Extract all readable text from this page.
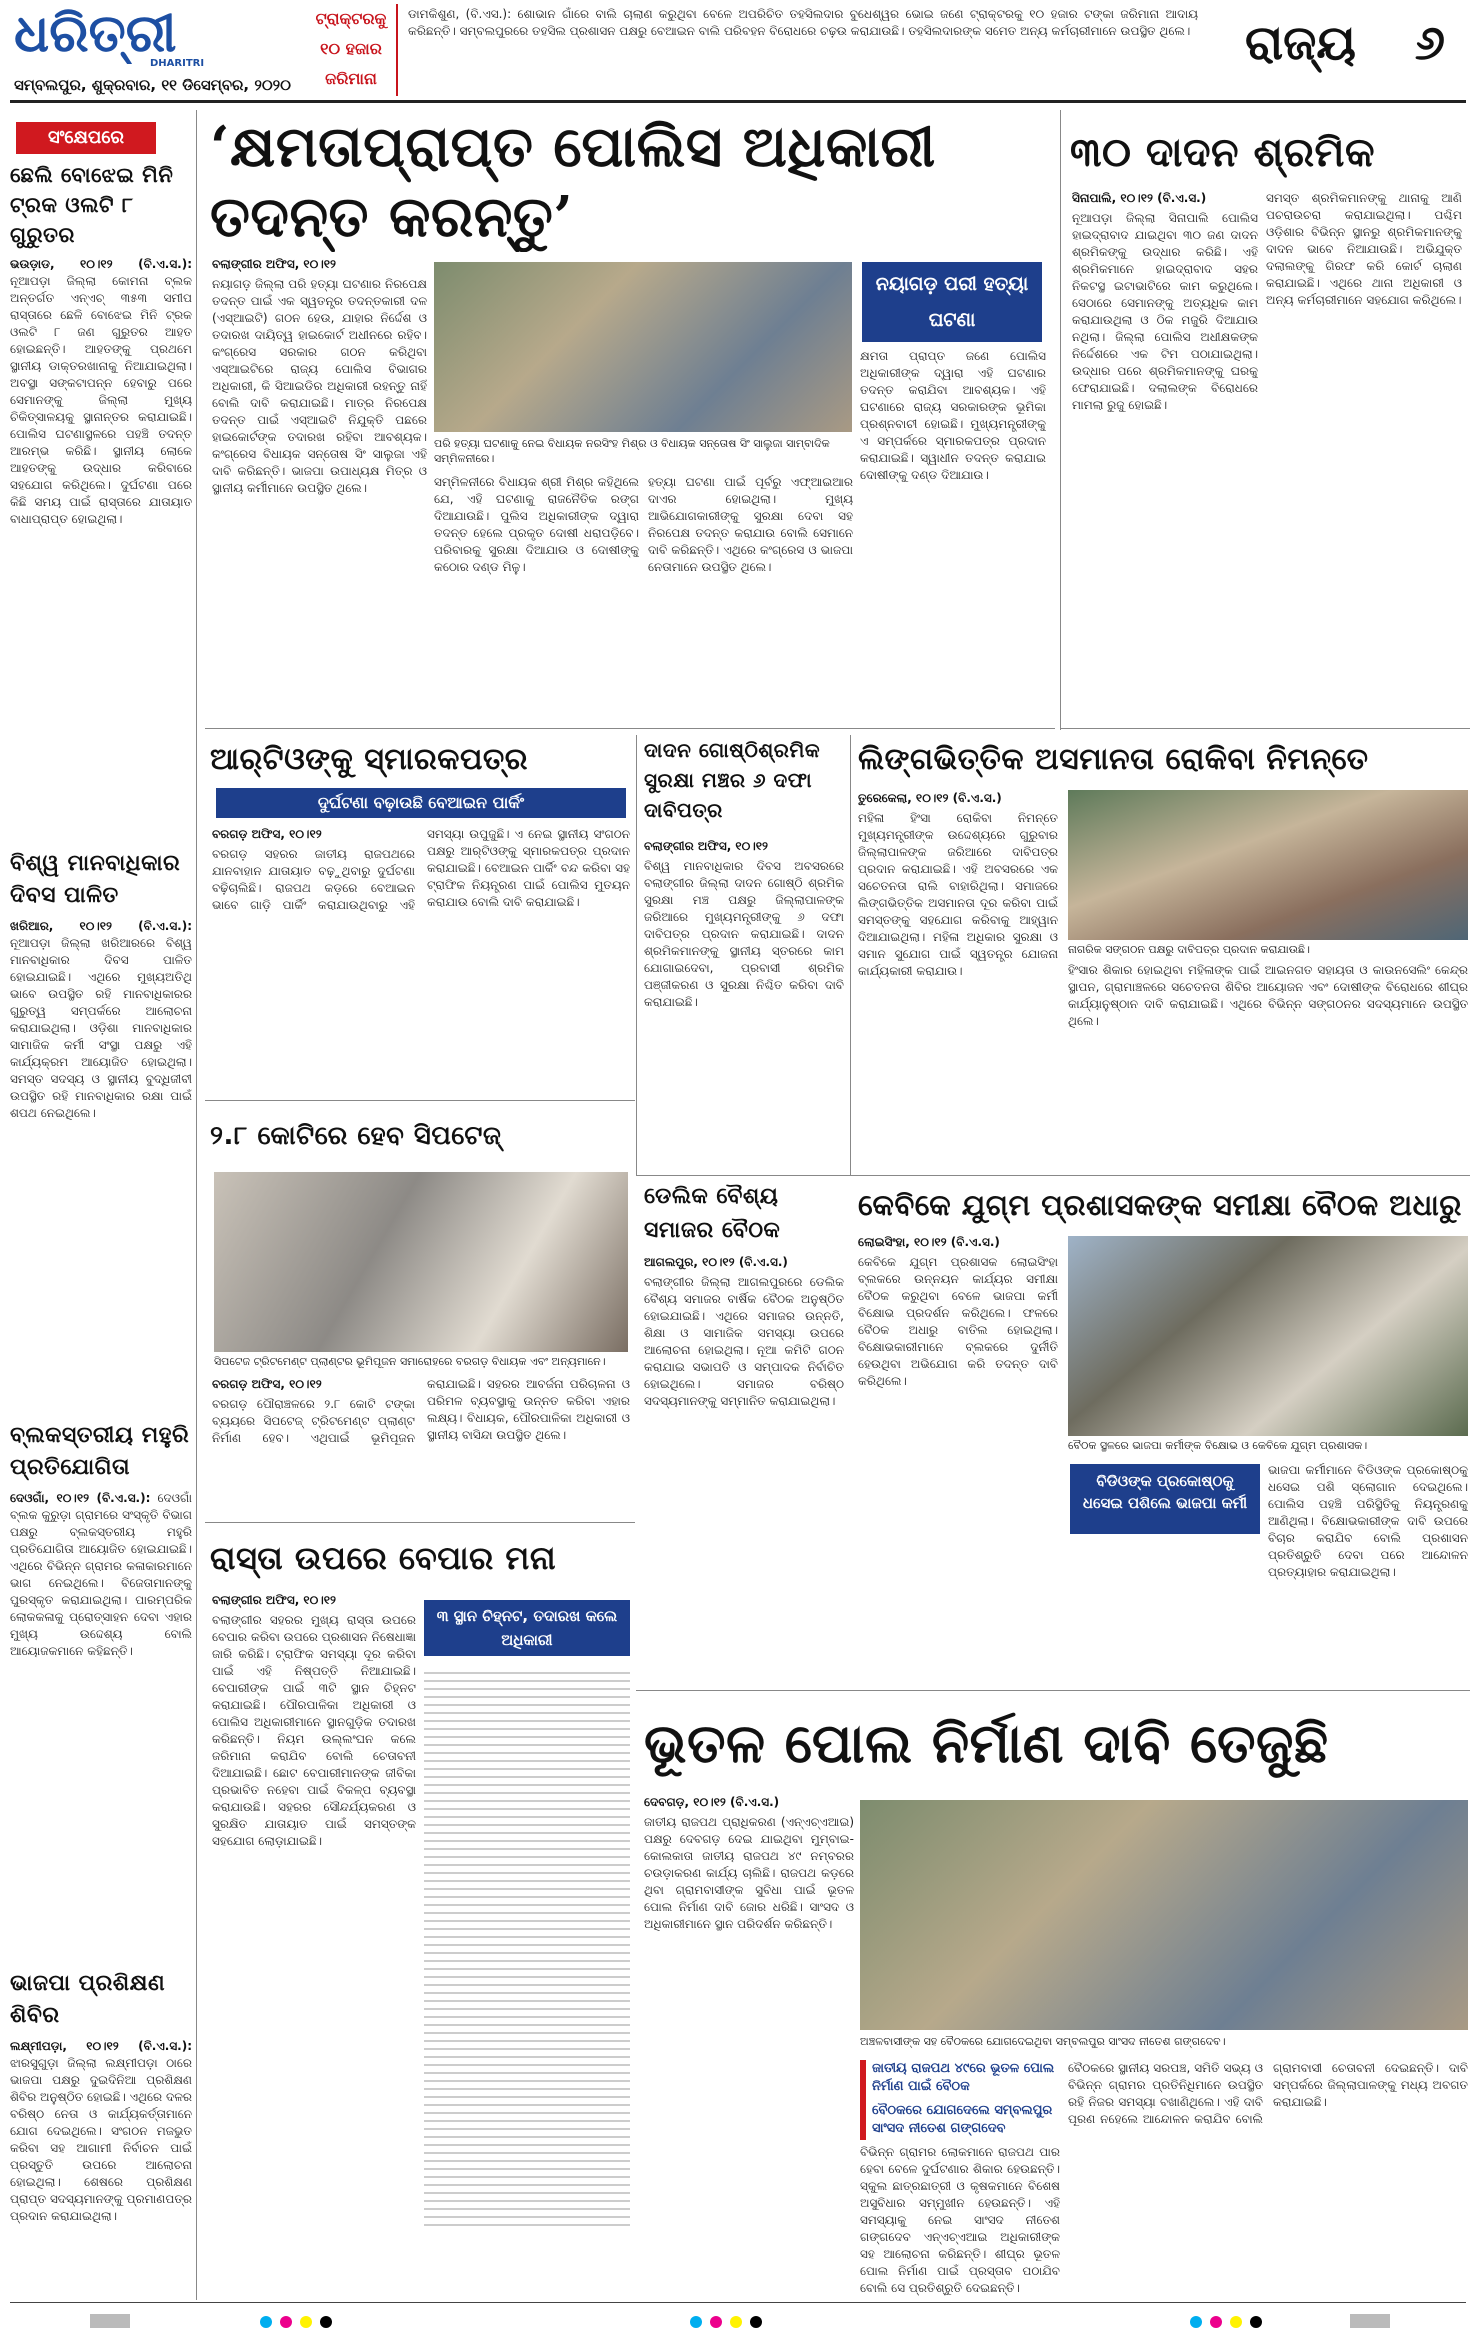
ଧରିତ୍ରୀ
DHARITRI
ସମ୍ବଲପୁର, ଶୁକ୍ରବାର, ୧୧ ଡିସେମ୍ବର, ୨୦୨୦
ଟ୍ରାକ୍ଟରକୁ
୧୦ ହଜାର
ଜରିମାନା
ଡାମକିଶୁଣ, (ବି.ଏସ.): ଶୋଭାନ ଗାଁରେ ବାଲି ଚାଲାଣ କରୁଥିବା ବେଳେ ଅପରିଚିତ ତହସିଲଦାର ବୁଧେଶ୍ୱର ଭୋଇ ଜଣେ ଟ୍ରାକ୍ଟରକୁ ୧୦ ହଜାର ଟଙ୍କା ଜରିମାନା ଆଦାୟ କରିଛନ୍ତି। ସମ୍ବଲପୁରରେ ତହସିଲ ପ୍ରଶାସନ ପକ୍ଷରୁ ବେଆଇନ ବାଲି ପରିବହନ ବିରୋଧରେ ଚଢ଼ଉ କରାଯାଉଛି। ତହସିଲଦାରଙ୍କ ସମେତ ଅନ୍ୟ କର୍ମଚାରୀମାନେ ଉପସ୍ଥିତ ଥିଲେ। ରାଜ୍ୟ	୬
ସଂକ୍ଷେପରେ
ଛେଲି ବୋଝେଇ ମିନି ଟ୍ରକ ଓଲଟି ୮ ଗୁରୁତର
ଭଉଡ଼ାଡ, ୧୦।୧୨ (ବି.ଏ.ସ.): ନୂଆପଡ଼ା ଜିଲ୍ଲା କୋମନା ବ୍ଲକ ଅନ୍ତର୍ଗତ ଏନ୍‌ଏଚ୍ ୩୫୩ ସମୀପ ରାସ୍ତାରେ ଛେଳି ବୋଝେଇ ମିନି ଟ୍ରକ ଓଲଟି ୮ ଜଣ ଗୁରୁତର ଆହତ ହୋଇଛନ୍ତି। ଆହତଙ୍କୁ ପ୍ରଥମେ ସ୍ଥାନୀୟ ଡାକ୍ତରଖାନାକୁ ନିଆଯାଇଥିଲା। ଅବସ୍ଥା ସଙ୍କଟାପନ୍ନ ହେବାରୁ ପରେ ସେମାନଙ୍କୁ ଜିଲ୍ଲା ମୁଖ୍ୟ ଚିକିତ୍ସାଳୟକୁ ସ୍ଥାନାନ୍ତର କରାଯାଇଛି। ପୋଲିସ ଘଟଣାସ୍ଥଳରେ ପହଞ୍ଚି ତଦନ୍ତ ଆରମ୍ଭ କରିଛି। ସ୍ଥାନୀୟ ଲୋକେ ଆହତଙ୍କୁ ଉଦ୍ଧାର କରିବାରେ ସହଯୋଗ କରିଥିଲେ। ଦୁର୍ଘଟଣା ପରେ କିଛି ସମୟ ପାଇଁ ରାସ୍ତାରେ ଯାତାୟାତ ବାଧାପ୍ରାପ୍ତ ହୋଇଥିଲା।
ବିଶ୍ୱ ମାନବାଧିକାର ଦିବସ ପାଳିତ
ଖରିଆର, ୧୦।୧୨ (ବି.ଏ.ସ.): ନୂଆପଡ଼ା ଜିଲ୍ଲା ଖରିଆରରେ ବିଶ୍ୱ ମାନବାଧିକାର ଦିବସ ପାଳିତ ହୋଇଯାଇଛି। ଏଥିରେ ମୁଖ୍ୟଅତିଥି ଭାବେ ଉପସ୍ଥିତ ରହି ମାନବାଧିକାରର ଗୁରୁତ୍ୱ ସମ୍ପର୍କରେ ଆଲୋଚନା କରାଯାଇଥିଲା। ଓଡ଼ିଶା ମାନବାଧିକାର ସାମାଜିକ କର୍ମୀ ସଂସ୍ଥା ପକ୍ଷରୁ ଏହି କାର୍ଯ୍ୟକ୍ରମ ଆୟୋଜିତ ହୋଇଥିଲା। ସମସ୍ତ ସଦସ୍ୟ ଓ ସ୍ଥାନୀୟ ବୁଦ୍ଧିଜୀବୀ ଉପସ୍ଥିତ ରହି ମାନବାଧିକାର ରକ୍ଷା ପାଇଁ ଶପଥ ନେଇଥିଲେ।
ବ୍ଲକସ୍ତରୀୟ ମହୁରି ପ୍ରତିଯୋଗିତା
ଦେଓଗାଁ, ୧୦।୧୨ (ବି.ଏ.ସ.): ଦେଓଗାଁ ବ୍ଲକ କୁରୁଡ଼ା ଗ୍ରାମରେ ସଂସ୍କୃତି ବିଭାଗ ପକ୍ଷରୁ ବ୍ଲକସ୍ତରୀୟ ମହୁରି ପ୍ରତିଯୋଗିତା ଆୟୋଜିତ ହୋଇଯାଇଛି। ଏଥିରେ ବିଭିନ୍ନ ଗ୍ରାମର କଳାକାରମାନେ ଭାଗ ନେଇଥିଲେ। ବିଜେତାମାନଙ୍କୁ ପୁରସ୍କୃତ କରାଯାଇଥିଲା। ପାରମ୍ପରିକ ଲୋକକଳାକୁ ପ୍ରୋତ୍ସାହନ ଦେବା ଏହାର ମୁଖ୍ୟ ଉଦ୍ଦେଶ୍ୟ ବୋଲି ଆୟୋଜକମାନେ କହିଛନ୍ତି।
ଭାଜପା ପ୍ରଶିକ୍ଷଣ ଶିବିର
ଲକ୍ଷ୍ମୀପଡ଼ା, ୧୦।୧୨ (ବି.ଏ.ସ.): ଝାରସୁଗୁଡ଼ା ଜିଲ୍ଲା ଲକ୍ଷ୍ମୀପଡ଼ା ଠାରେ ଭାଜପା ପକ୍ଷରୁ ଦୁଇଦିନିଆ ପ୍ରଶିକ୍ଷଣ ଶିବିର ଅନୁଷ୍ଠିତ ହୋଇଛି। ଏଥିରେ ଦଳର ବରିଷ୍ଠ ନେତା ଓ କାର୍ଯ୍ୟକର୍ତ୍ତାମାନେ ଯୋଗ ଦେଇଥିଲେ। ସଂଗଠନ ମଜଭୁତ କରିବା ସହ ଆଗାମୀ ନିର୍ବାଚନ ପାଇଁ ପ୍ରସ୍ତୁତି ଉପରେ ଆଲୋଚନା ହୋଇଥିଲା। ଶେଷରେ ପ୍ରଶିକ୍ଷଣ ପ୍ରାପ୍ତ ସଦସ୍ୟମାନଙ୍କୁ ପ୍ରମାଣପତ୍ର ପ୍ରଦାନ କରାଯାଇଥିଲା।
‘କ୍ଷମତାପ୍ରାପ୍ତ ପୋଲିସ ଅଧିକାରୀ ତଦନ୍ତ କରନ୍ତୁ’
ବଲାଙ୍ଗୀର ଅଫିସ, ୧୦।୧୨
ନୟାଗଡ଼ ଜିଲ୍ଲା ପରି ହତ୍ୟା ଘଟଣାର ନିରପେକ୍ଷ ତଦନ୍ତ ପାଇଁ ଏକ ସ୍ୱତନ୍ତ୍ର ତଦନ୍ତକାରୀ ଦଳ (ଏସ୍‌ଆଇଟି) ଗଠନ ହେଉ, ଯାହାର ନିର୍ଦ୍ଦେଶ ଓ ତଦାରଖ ଦାୟିତ୍ୱ ହାଇକୋର୍ଟ ଅଧୀନରେ ରହିବ। କଂଗ୍ରେସ ସରକାର ଗଠନ କରିଥିବା ଏସ୍‌ଆଇଟିରେ ରାଜ୍ୟ ପୋଲିସ ବିଭାଗର ଅଧିକାରୀ, କି ସିଆଇଡିର ଅଧିକାରୀ ରହନ୍ତୁ ନାହିଁ ବୋଲି ଦାବି କରାଯାଇଛି। ମାତ୍ର ନିରପେକ୍ଷ ତଦନ୍ତ ପାଇଁ ଏସ୍‌ଆଇଟି ନିଯୁକ୍ତି ପଛରେ ହାଇକୋର୍ଟଙ୍କ ତଦାରଖ ରହିବା ଆବଶ୍ୟକ। କଂଗ୍ରେସ ବିଧାୟକ ସନ୍ତୋଷ ସିଂ ସାଲୁଜା ଏହି ଦାବି କରିଛନ୍ତି। ଭାଜପା ଉପାଧ୍ୟକ୍ଷ ମିତ୍ର ଓ ସ୍ଥାନୀୟ କର୍ମୀମାନେ ଉପସ୍ଥିତ ଥିଲେ।
ପରି ହତ୍ୟା ଘଟଣାକୁ ନେଇ ବିଧାୟକ ନରସିଂହ ମିଶ୍ର ଓ ବିଧାୟକ ସନ୍ତୋଷ ସିଂ ସାଲୁଜା ସାମ୍ବାଦିକ ସମ୍ମିଳନୀରେ।
ସମ୍ମିଳନୀରେ ବିଧାୟକ ଶ୍ରୀ ମିଶ୍ର କହିଥିଲେ ଯେ, ଏହି ଘଟଣାକୁ ରାଜନୈତିକ ରଙ୍ଗ ଦିଆଯାଉଛି। ପୁଲିସ ଅଧିକାରୀଙ୍କ ଦ୍ୱାରା ତଦନ୍ତ ହେଲେ ପ୍ରକୃତ ଦୋଷୀ ଧରାପଡ଼ିବେ। ପରିବାରକୁ ସୁରକ୍ଷା ଦିଆଯାଉ ଓ ଦୋଷୀଙ୍କୁ କଠୋର ଦଣ୍ଡ ମିଳୁ।
ହତ୍ୟା ଘଟଣା ପାଇଁ ପୂର୍ବରୁ ଏଫ୍‌ଆଇଆର ଦାଏର ହୋଇଥିଲା। ମୁଖ୍ୟ ଆଭିଯୋଗକାରୀଙ୍କୁ ସୁରକ୍ଷା ଦେବା ସହ ନିରପେକ୍ଷ ତଦନ୍ତ କରାଯାଉ ବୋଲି ସେମାନେ ଦାବି କରିଛନ୍ତି। ଏଥିରେ କଂଗ୍ରେସ ଓ ଭାଜପା ନେତାମାନେ ଉପସ୍ଥିତ ଥିଲେ।
ନୟାଗଡ଼ ପରୀ ହତ୍ୟା ଘଟଣା
କ୍ଷମତା ପ୍ରାପ୍ତ ଜଣେ ପୋଲିସ ଅଧିକାରୀଙ୍କ ଦ୍ୱାରା ଏହି ଘଟଣାର ତଦନ୍ତ କରାଯିବା ଆବଶ୍ୟକ। ଏହି ଘଟଣାରେ ରାଜ୍ୟ ସରକାରଙ୍କ ଭୂମିକା ପ୍ରଶ୍ନବାଚୀ ହୋଇଛି। ମୁଖ୍ୟମନ୍ତ୍ରୀଙ୍କୁ ଏ ସମ୍ପର୍କରେ ସ୍ମାରକପତ୍ର ପ୍ରଦାନ କରାଯାଇଛି। ସ୍ୱାଧୀନ ତଦନ୍ତ କରାଯାଇ ଦୋଷୀଙ୍କୁ ଦଣ୍ଡ ଦିଆଯାଉ।
୩୦ ଦାଦନ ଶ୍ରମିକ
ସିନାପାଲି, ୧୦।୧୨ (ବି.ଏ.ସ.)
ନୂଆପଡ଼ା ଜିଲ୍ଲା ସିନାପାଲି ପୋଲିସ ହାଇଦ୍ରାବାଦ ଯାଇଥିବା ୩୦ ଜଣ ଦାଦନ ଶ୍ରମିକଙ୍କୁ ଉଦ୍ଧାର କରିଛି। ଏହି ଶ୍ରମିକମାନେ ହାଇଦ୍ରାବାଦ ସହର ନିକଟସ୍ଥ ଇଟାଭାଟିରେ କାମ କରୁଥିଲେ। ସେଠାରେ ସେମାନଙ୍କୁ ଅତ୍ୟଧିକ କାମ କରାଯାଉଥିଲା ଓ ଠିକ ମଜୁରି ଦିଆଯାଉ ନଥିଲା। ଜିଲ୍ଲା ପୋଲିସ ଅଧୀକ୍ଷକଙ୍କ ନିର୍ଦ୍ଦେଶରେ ଏକ ଟିମ ପଠାଯାଇଥିଲା। ଉଦ୍ଧାର ପରେ ଶ୍ରମିକମାନଙ୍କୁ ଘରକୁ ଫେରାଯାଇଛି। ଦଲାଲଙ୍କ ବିରୋଧରେ ମାମଲା ରୁଜୁ ହୋଇଛି।
ସମସ୍ତ ଶ୍ରମିକମାନଙ୍କୁ ଥାନାକୁ ଆଣି ପଚରାଉଚରା କରାଯାଇଥିଲା। ପଶ୍ଚିମ ଓଡ଼ିଶାର ବିଭିନ୍ନ ସ୍ଥାନରୁ ଶ୍ରମିକମାନଙ୍କୁ ଦାଦନ ଭାବେ ନିଆଯାଉଛି। ଅଭିଯୁକ୍ତ ଦଲାଲଙ୍କୁ ଗିରଫ କରି କୋର୍ଟ ଚାଲାଣ କରାଯାଇଛି। ଏଥିରେ ଥାନା ଅଧିକାରୀ ଓ ଅନ୍ୟ କର୍ମଚାରୀମାନେ ସହଯୋଗ କରିଥିଲେ।
ଆର୍‌ଟିଓଙ୍କୁ ସ୍ମାରକପତ୍ର
ଦୁର୍ଘଟଣା ବଢ଼ାଉଛି ବେଆଇନ ପାର୍କିଂ
ବରଗଡ଼ ଅଫିସ, ୧୦।୧୨
ବରଗଡ଼ ସହରର ଜାତୀୟ ରାଜପଥରେ ଯାନବାହାନ ଯାତାୟାତ ବଢ଼ୁଥିବାରୁ ଦୁର୍ଘଟଣା ବଢ଼ିଚାଲିଛି। ରାଜପଥ କଡ଼ରେ ବେଆଇନ ଭାବେ ଗାଡ଼ି ପାର୍କିଂ କରାଯାଉଥିବାରୁ ଏହି ସମସ୍ୟା ଉପୁଜୁଛି। ଏ ନେଇ ସ୍ଥାନୀୟ ସଂଗଠନ ପକ୍ଷରୁ ଆର୍‌ଟିଓଙ୍କୁ ସ୍ମାରକପତ୍ର ପ୍ରଦାନ କରାଯାଇଛି। ବେଆଇନ ପାର୍କିଂ ବନ୍ଦ କରିବା ସହ ଟ୍ରାଫିକ ନିୟନ୍ତ୍ରଣ ପାଇଁ ପୋଲିସ ମୁତୟନ କରାଯାଉ ବୋଲି ଦାବି କରାଯାଇଛି।
ଦାଦନ ଗୋଷ୍ଠିଶ୍ରମିକ ସୁରକ୍ଷା ମଞ୍ଚର ୬ ଦଫା ଦାବିପତ୍ର
ବଲାଙ୍ଗୀର ଅଫିସ, ୧୦।୧୨
ବିଶ୍ୱ ମାନବାଧିକାର ଦିବସ ଅବସରରେ ବଲାଙ୍ଗୀର ଜିଲ୍ଲା ଦାଦନ ଗୋଷ୍ଠି ଶ୍ରମିକ ସୁରକ୍ଷା ମଞ୍ଚ ପକ୍ଷରୁ ଜିଲ୍ଲାପାଳଙ୍କ ଜରିଆରେ ମୁଖ୍ୟମନ୍ତ୍ରୀଙ୍କୁ ୬ ଦଫା ଦାବିପତ୍ର ପ୍ରଦାନ କରାଯାଇଛି। ଦାଦନ ଶ୍ରମିକମାନଙ୍କୁ ସ୍ଥାନୀୟ ସ୍ତରରେ କାମ ଯୋଗାଇଦେବା, ପ୍ରବାସୀ ଶ୍ରମିକ ପଞ୍ଜୀକରଣ ଓ ସୁରକ୍ଷା ନିଶ୍ଚିତ କରିବା ଦାବି କରାଯାଇଛି।
ଲିଙ୍ଗଭିତ୍ତିକ ଅସମାନତା ରୋକିବା ନିମନ୍ତେ
ତୁରେକେଲା, ୧୦।୧୨ (ବି.ଏ.ସ.)
ମହିଳା ହିଂସା ରୋକିବା ନିମନ୍ତେ ମୁଖ୍ୟମନ୍ତ୍ରୀଙ୍କ ଉଦ୍ଦେଶ୍ୟରେ ଗୁରୁବାର ଜିଲ୍ଲାପାଳଙ୍କ ଜରିଆରେ ଦାବିପତ୍ର ପ୍ରଦାନ କରାଯାଇଛି। ଏହି ଅବସରରେ ଏକ ସଚେତନତା ରାଲି ବାହାରିଥିଲା। ସମାଜରେ ଲିଙ୍ଗଭିତ୍ତିକ ଅସମାନତା ଦୂର କରିବା ପାଇଁ ସମସ୍ତଙ୍କୁ ସହଯୋଗ କରିବାକୁ ଆହ୍ୱାନ ଦିଆଯାଇଥିଲା। ମହିଳା ଅଧିକାର ସୁରକ୍ଷା ଓ ସମାନ ସୁଯୋଗ ପାଇଁ ସ୍ୱତନ୍ତ୍ର ଯୋଜନା କାର୍ଯ୍ୟକାରୀ କରାଯାଉ।
ନାଗରିକ ସଙ୍ଗଠନ ପକ୍ଷରୁ ଦାବିପତ୍ର ପ୍ରଦାନ କରାଯାଉଛି।
ହିଂସାର ଶିକାର ହୋଇଥିବା ମହିଳାଙ୍କ ପାଇଁ ଆଇନଗତ ସହାୟତା ଓ କାଉନସେଲିଂ କେନ୍ଦ୍ର ସ୍ଥାପନ, ଗ୍ରାମାଞ୍ଚଳରେ ସଚେତନତା ଶିବିର ଆୟୋଜନ ଏବଂ ଦୋଷୀଙ୍କ ବିରୋଧରେ ଶୀଘ୍ର କାର୍ଯ୍ୟାନୁଷ୍ଠାନ ଦାବି କରାଯାଇଛି। ଏଥିରେ ବିଭିନ୍ନ ସଙ୍ଗଠନର ସଦସ୍ୟମାନେ ଉପସ୍ଥିତ ଥିଲେ।
୨.୮ କୋଟିରେ ହେବ ସିପଟେଜ୍
ସିପଟେଜ ଟ୍ରିଟମେଣ୍ଟ ପ୍ଲାଣ୍ଟର ଭୂମିପୂଜନ ସମାରୋହରେ ବରଗଡ଼ ବିଧାୟକ ଏବଂ ଅନ୍ୟମାନେ।
ବରଗଡ଼ ଅଫିସ, ୧୦।୧୨
ବରଗଡ଼ ପୌରାଞ୍ଚଳରେ ୨.୮ କୋଟି ଟଙ୍କା ବ୍ୟୟରେ ସିପଟେଜ୍ ଟ୍ରିଟମେଣ୍ଟ ପ୍ଲାଣ୍ଟ ନିର୍ମାଣ ହେବ। ଏଥିପାଇଁ ଭୂମିପୂଜନ କରାଯାଇଛି। ସହରର ଆବର୍ଜନା ପରିଚାଳନା ଓ ପରିମଳ ବ୍ୟବସ୍ଥାକୁ ଉନ୍ନତ କରିବା ଏହାର ଲକ୍ଷ୍ୟ। ବିଧାୟକ, ପୌରପାଳିକା ଅଧିକାରୀ ଓ ସ୍ଥାନୀୟ ବାସିନ୍ଦା ଉପସ୍ଥିତ ଥିଲେ।
ଡେଲିକ ବୈଶ୍ୟ ସମାଜର ବୈଠକ
ଆଗଲପୁର, ୧୦।୧୨ (ବି.ଏ.ସ.)
ବଲାଙ୍ଗୀର ଜିଲ୍ଲା ଆଗଲପୁରରେ ଡେଲିକ ବୈଶ୍ୟ ସମାଜର ବାର୍ଷିକ ବୈଠକ ଅନୁଷ୍ଠିତ ହୋଇଯାଇଛି। ଏଥିରେ ସମାଜର ଉନ୍ନତି, ଶିକ୍ଷା ଓ ସାମାଜିକ ସମସ୍ୟା ଉପରେ ଆଲୋଚନା ହୋଇଥିଲା। ନୂଆ କମିଟି ଗଠନ କରାଯାଇ ସଭାପତି ଓ ସମ୍ପାଦକ ନିର୍ବାଚିତ ହୋଇଥିଲେ। ସମାଜର ବରିଷ୍ଠ ସଦସ୍ୟମାନଙ୍କୁ ସମ୍ମାନିତ କରାଯାଇଥିଲା।
କେବିକେ ଯୁଗ୍ମ ପ୍ରଶାସକଙ୍କ ସମୀକ୍ଷା ବୈଠକ ଅଧାରୁ
ଲୋଇସିଂହା, ୧୦।୧୨ (ବି.ଏ.ସ.)
କେବିକେ ଯୁଗ୍ମ ପ୍ରଶାସକ ଲୋଇସିଂହା ବ୍ଲକରେ ଉନ୍ନୟନ କାର୍ଯ୍ୟର ସମୀକ୍ଷା ବୈଠକ କରୁଥିବା ବେଳେ ଭାଜପା କର୍ମୀ ବିକ୍ଷୋଭ ପ୍ରଦର୍ଶନ କରିଥିଲେ। ଫଳରେ ବୈଠକ ଅଧାରୁ ବାତିଲ ହୋଇଥିଲା। ବିକ୍ଷୋଭକାରୀମାନେ ବ୍ଲକରେ ଦୁର୍ନୀତି ହେଉଥିବା ଅଭିଯୋଗ କରି ତଦନ୍ତ ଦାବି କରିଥିଲେ।
ବୈଠକ ସ୍ଥଳରେ ଭାଜପା କର୍ମୀଙ୍କ ବିକ୍ଷୋଭ ଓ କେବିକେ ଯୁଗ୍ମ ପ୍ରଶାସକ।
ବିଡିଓଙ୍କ ପ୍ରକୋଷ୍ଠକୁ ଧସେଇ ପଶିଲେ ଭାଜପା କର୍ମୀ
ଭାଜପା କର୍ମୀମାନେ ବିଡିଓଙ୍କ ପ୍ରକୋଷ୍ଠକୁ ଧସେଇ ପଶି ସ୍ଲୋଗାନ ଦେଇଥିଲେ। ପୋଲିସ ପହଞ୍ଚି ପରିସ୍ଥିତିକୁ ନିୟନ୍ତ୍ରଣକୁ ଆଣିଥିଲା। ବିକ୍ଷୋଭକାରୀଙ୍କ ଦାବି ଉପରେ ବିଚାର କରାଯିବ ବୋଲି ପ୍ରଶାସନ ପ୍ରତିଶ୍ରୁତି ଦେବା ପରେ ଆନ୍ଦୋଳନ ପ୍ରତ୍ୟାହାର କରାଯାଇଥିଲା।
ରାସ୍ତା ଉପରେ ବେପାର ମନା
ବଲାଙ୍ଗୀର ଅଫିସ, ୧୦।୧୨
ବଲାଙ୍ଗୀର ସହରର ମୁଖ୍ୟ ରାସ୍ତା ଉପରେ ବେପାର କରିବା ଉପରେ ପ୍ରଶାସନ ନିଷେଧାଜ୍ଞା ଜାରି କରିଛି। ଟ୍ରାଫିକ ସମସ୍ୟା ଦୂର କରିବା ପାଇଁ ଏହି ନିଷ୍ପତ୍ତି ନିଆଯାଇଛି। ବେପାରୀଙ୍କ ପାଇଁ ୩ଟି ସ୍ଥାନ ଚିହ୍ନଟ କରାଯାଇଛି। ପୌରପାଳିକା ଅଧିକାରୀ ଓ ପୋଲିସ ଅଧିକାରୀମାନେ ସ୍ଥାନଗୁଡ଼ିକ ତଦାରଖ କରିଛନ୍ତି। ନିୟମ ଉଲ୍ଲଂଘନ କଲେ ଜରିମାନା କରାଯିବ ବୋଲି ଚେତାବନୀ ଦିଆଯାଇଛି। ଛୋଟ ବେପାରୀମାନଙ୍କ ଜୀବିକା ପ୍ରଭାବିତ ନହେବା ପାଇଁ ବିକଳ୍ପ ବ୍ୟବସ୍ଥା କରାଯାଉଛି। ସହରର ସୌନ୍ଦର୍ଯ୍ୟକରଣ ଓ ସୁରକ୍ଷିତ ଯାତାୟାତ ପାଇଁ ସମସ୍ତଙ୍କ ସହଯୋଗ ଲୋଡ଼ାଯାଇଛି।
୩ ସ୍ଥାନ ଚିହ୍ନଟ, ତଦାରଖ କଲେ ଅଧିକାରୀ
ଭୂତଳ ପୋଲ ନିର୍ମାଣ ଦାବି ତେଜୁଛି
ଦେବଗଡ଼, ୧୦।୧୨ (ବି.ଏ.ସ.)
ଜାତୀୟ ରାଜପଥ ପ୍ରାଧିକରଣ (ଏନ୍‌ଏଚ୍‌ଏଆଇ) ପକ୍ଷରୁ ଦେବଗଡ଼ ଦେଇ ଯାଇଥିବା ମୁମ୍ବାଇ-କୋଲକାତା ଜାତୀୟ ରାଜପଥ ୪୯ ନମ୍ବରର ଚଉଡ଼ାକରଣ କାର୍ଯ୍ୟ ଚାଲିଛି। ରାଜପଥ କଡ଼ରେ ଥିବା ଗ୍ରାମବାସୀଙ୍କ ସୁବିଧା ପାଇଁ ଭୂତଳ ପୋଲ ନିର୍ମାଣ ଦାବି ଜୋର ଧରିଛି। ସାଂସଦ ଓ ଅଧିକାରୀମାନେ ସ୍ଥାନ ପରିଦର୍ଶନ କରିଛନ୍ତି।
ଅଞ୍ଚଳବାସୀଙ୍କ ସହ ବୈଠକରେ ଯୋଗଦେଇଥିବା ସମ୍ବଲପୁର ସାଂସଦ ନୀତେଶ ଗଙ୍ଗଦେବ।
ଜାତୀୟ ରାଜପଥ ୪୯ରେ ଭୂତଳ ପୋଲ ନିର୍ମାଣ ପାଇଁ ବୈଠକ
ବୈଠକରେ ଯୋଗଦେଲେ ସମ୍ବଲପୁର ସାଂସଦ ନୀତେଶ ଗଙ୍ଗଦେବ
ବିଭିନ୍ନ ଗ୍ରାମର ଲୋକମାନେ ରାଜପଥ ପାର ହେବା ବେଳେ ଦୁର୍ଘଟଣାର ଶିକାର ହେଉଛନ୍ତି। ସ୍କୁଲ ଛାତ୍ରଛାତ୍ରୀ ଓ କୃଷକମାନେ ବିଶେଷ ଅସୁବିଧାର ସମ୍ମୁଖୀନ ହେଉଛନ୍ତି। ଏହି ସମସ୍ୟାକୁ ନେଇ ସାଂସଦ ନୀତେଶ ଗଙ୍ଗଦେବ ଏନ୍‌ଏଚ୍‌ଏଆଇ ଅଧିକାରୀଙ୍କ ସହ ଆଲୋଚନା କରିଛନ୍ତି। ଶୀଘ୍ର ଭୂତଳ ପୋଲ ନିର୍ମାଣ ପାଇଁ ପ୍ରସ୍ତାବ ପଠାଯିବ ବୋଲି ସେ ପ୍ରତିଶ୍ରୁତି ଦେଇଛନ୍ତି।
ବୈଠକରେ ସ୍ଥାନୀୟ ସରପଞ୍ଚ, ସମିତି ସଭ୍ୟ ଓ ବିଭିନ୍ନ ଗ୍ରାମର ପ୍ରତିନିଧିମାନେ ଉପସ୍ଥିତ ରହି ନିଜର ସମସ୍ୟା ବଖାଣିଥିଲେ। ଏହି ଦାବି ପୂରଣ ନହେଲେ ଆନ୍ଦୋଳନ କରାଯିବ ବୋଲି ଗ୍ରାମବାସୀ ଚେତାବନୀ ଦେଇଛନ୍ତି। ଦାବି ସମ୍ପର୍କରେ ଜିଲ୍ଲାପାଳଙ୍କୁ ମଧ୍ୟ ଅବଗତ କରାଯାଇଛି।
